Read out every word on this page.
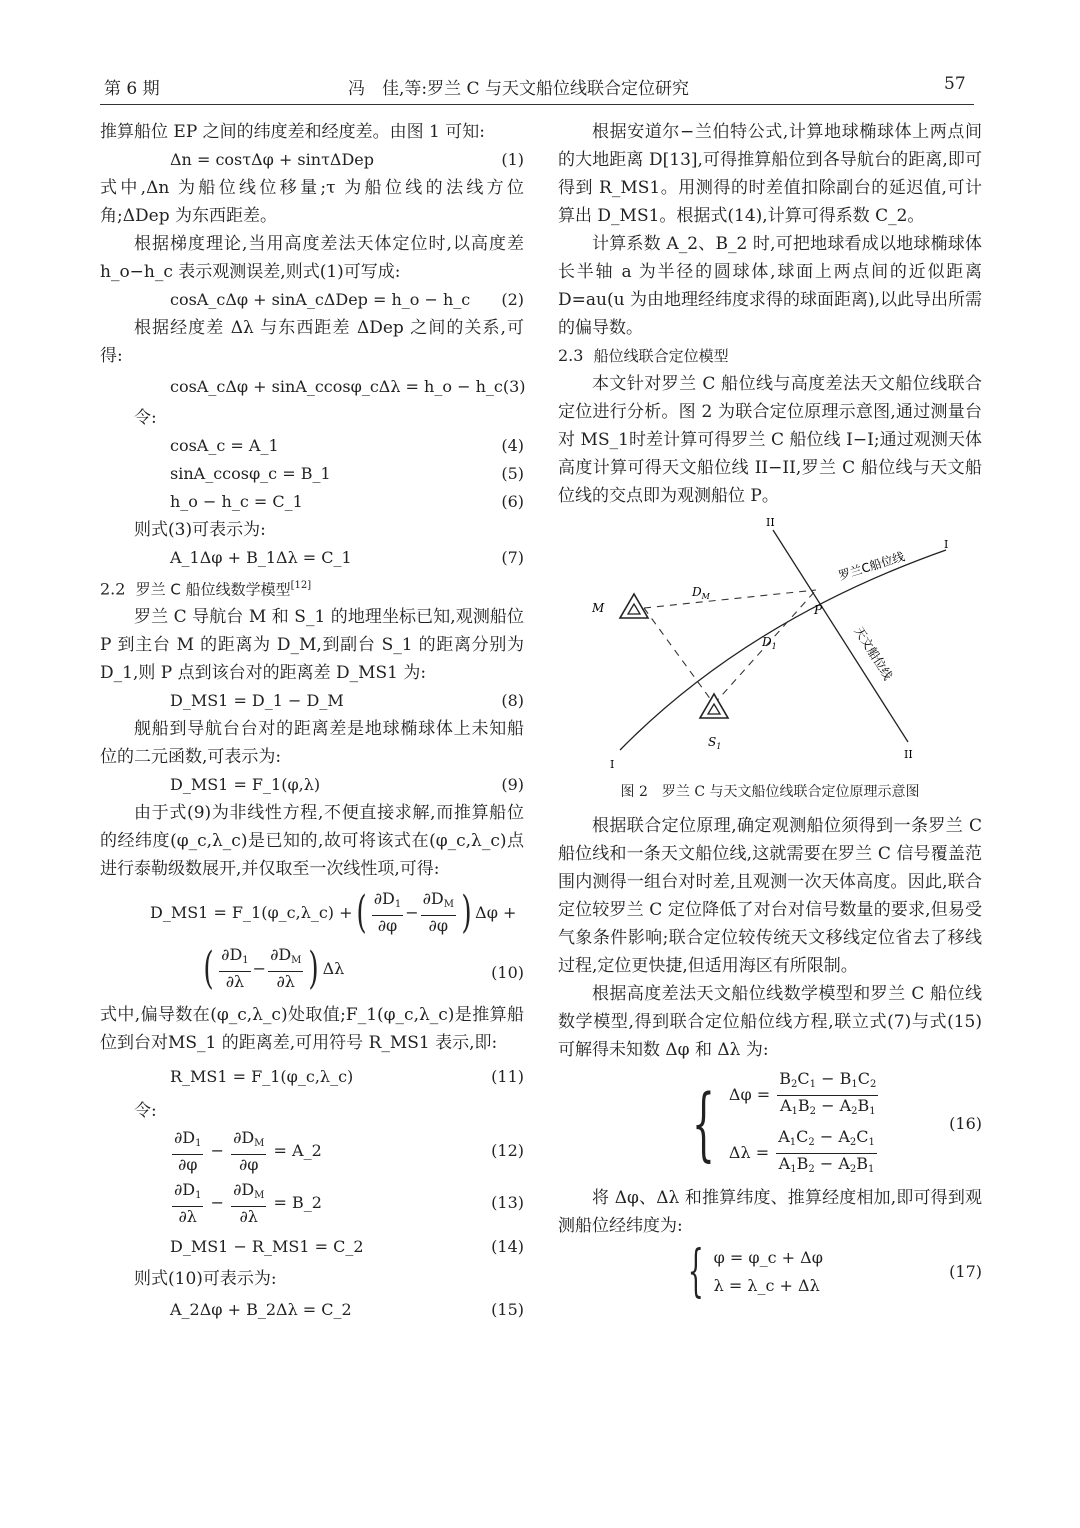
第 6 期	冯　佳,等:罗兰 C 与天文船位线联合定位研究	57

推算船位 EP 之间的纬度差和经度差。由图 1 可知:

Δn = cosτΔφ + sinτΔDep	(1)

式中,Δn 为船位线位移量;τ 为船位线的法线方位角;ΔDep 为东西距差。

根据梯度理论,当用高度差法天体定位时,以高度差 h_o−h_c 表示观测误差,则式(1)可写成:

cosA_cΔφ + sinA_cΔDep = h_o − h_c (2)

根据经度差 Δλ 与东西距差 ΔDep 之间的关系,可得:

cosA_cΔφ + sinA_ccosφ_cΔλ = h_o − h_c (3)

令:

cosA_c = A_1	(4)
sinA_ccosφ_c = B_1	(5)
h_o − h_c = C_1	(6)

则式(3)可表示为:

A_1Δφ + B_1Δλ = C_1	(7)

2.2 罗兰 C 船位线数学模型[12]

罗兰 C 导航台 M 和 S_1 的地理坐标已知,观测船位 P 到主台 M 的距离为 D_M,到副台 S_1 的距离分别为 D_1,则 P 点到该台对的距离差 D_MS1 为:

D_MS1 = D_1 − D_M	(8)

舰船到导航台台对的距离差是地球椭球体上未知船位的二元函数,可表示为:

D_MS1 = F_1(φ,λ)	(9)

由于式(9)为非线性方程,不便直接求解,而推算船位的经纬度(φ_c,λ_c)是已知的,故可将该式在(φ_c,λ_c)点进行泰勒级数展开,并仅取至一次线性项,可得:

D_MS1 = F_1(φ_c,λ_c) + ( $\frac{\partial D_1}{\partial\varphi} - \frac{\partial D_M}{\partial\varphi}$ ) Δφ +
( $\frac{\partial D_1}{\partial\lambda} - \frac{\partial D_M}{\partial\lambda}$ ) Δλ	(10)

式中,偏导数在(φ_c,λ_c)处取值;F_1(φ_c,λ_c)是推算船位到台对MS_1 的距离差,可用符号 R_MS1 表示,即:

R_MS1 = F_1(φ_c,λ_c)	(11)

令:

$\frac{\partial D_1}{\partial\varphi} - \frac{\partial D_M}{\partial\varphi}$
= A_2	(12)
$\frac{\partial D_1}{\partial\lambda} - \frac{\partial D_M}{\partial\lambda}$
= B_2	(13)
D_MS1 − R_MS1 = C_2	(14)

则式(10)可表示为:

A_2Δφ + B_2Δλ = C_2	(15)

根据安道尔−兰伯特公式,计算地球椭球体上两点间的大地距离 D[13],可得推算船位到各导航台的距离,即可得到 R_MS1。用测得的时差值扣除副台的延迟值,可计算出 D_MS1。根据式(14),计算可得系数 C_2。

计算系数 A_2、B_2 时,可把地球看成以地球椭球体长半轴 a 为半径的圆球体,球面上两点间的近似距离 D=au(u 为由地理经纬度求得的球面距离),以此导出所需的偏导数。

2.3 船位线联合定位模型

本文针对罗兰 C 船位线与高度差法天文船位线联合定位进行分析。图 2 为联合定位原理示意图,通过测量台对 MS_1时差计算可得罗兰 C 船位线 I−I;通过观测天体高度计算可得天文船位线 II−II,罗兰 C 船位线与天文船位线的交点即为观测船位 P。

II
I
罗兰C船位线
$D_M$
M	P
$D_1$	天文船位线
I
$S_1$
II
图 2　罗兰 C 与天文船位线联合定位原理示意图

根据联合定位原理,确定观测船位须得到一条罗兰 C 船位线和一条天文船位线,这就需要在罗兰 C 信号覆盖范围内测得一组台对时差,且观测一次天体高度。因此,联合定位较罗兰 C 定位降低了对台对信号数量的要求,但易受气象条件影响;联合定位较传统天文移线定位省去了移线过程,定位更快捷,但适用海区有所限制。

根据高度差法天文船位线数学模型和罗兰 C 船位线数学模型,得到联合定位船位线方程,联立式(7)与式(15)可解得未知数 Δφ 和 Δλ 为:

{ $\Delta\varphi = \frac{B_2C_1 - B_1C_2}{A_1B_2 - A_2B_1}$
$\Delta\lambda = \frac{A_1C_2 - A_2C_1}{A_1B_2 - A_2B_1}$
(16)

将 Δφ、Δλ 和推算纬度、推算经度相加,即可得到观测船位经纬度为:

{ φ = φ_c + Δφ
λ = λ_c + Δλ
(17)
